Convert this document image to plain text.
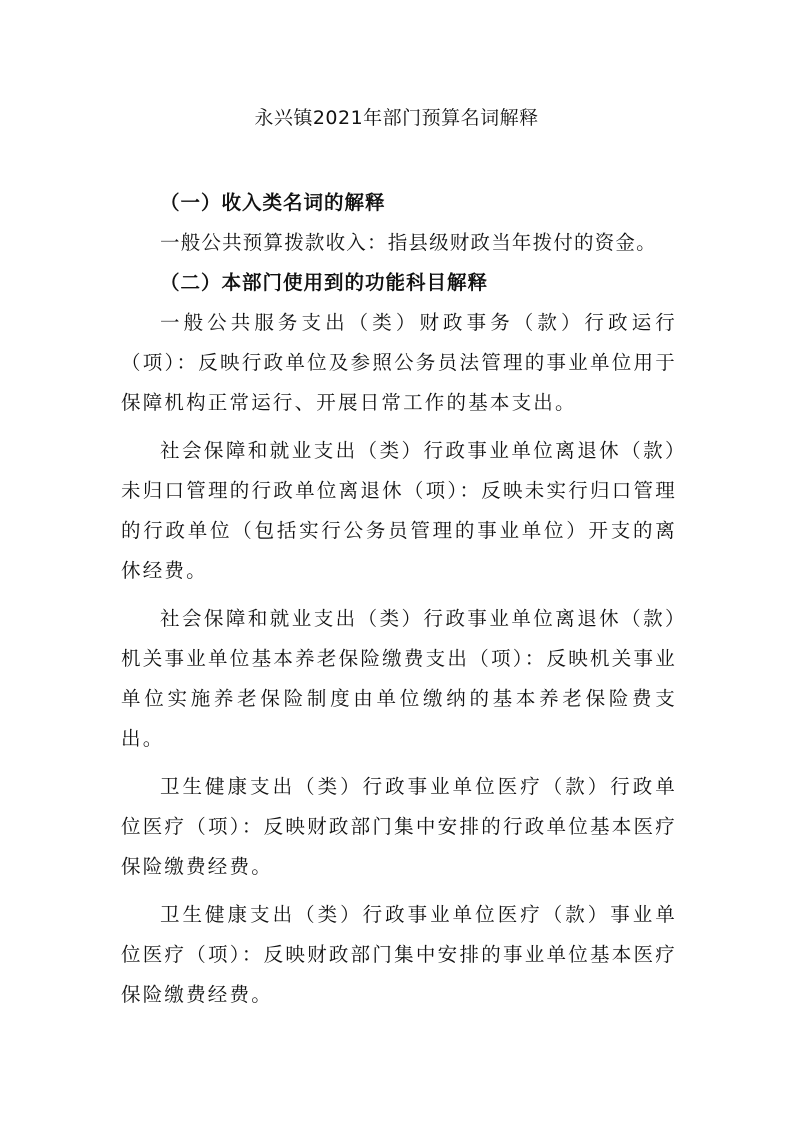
永兴镇2021年部门预算名词解释

（一）收入类名词的解释

一般公共预算拨款收入：指县级财政当年拨付的资金。

（二）本部门使用到的功能科目解释

一般公共服务支出（类）财政事务（款）行政运行（项）：反映行政单位及参照公务员法管理的事业单位用于保障机构正常运行、开展日常工作的基本支出。

社会保障和就业支出（类）行政事业单位离退休（款）未归口管理的行政单位离退休（项）：反映未实行归口管理的行政单位（包括实行公务员管理的事业单位）开支的离休经费。

社会保障和就业支出（类）行政事业单位离退休（款）机关事业单位基本养老保险缴费支出（项）：反映机关事业单位实施养老保险制度由单位缴纳的基本养老保险费支出。

卫生健康支出（类）行政事业单位医疗（款）行政单位医疗（项）：反映财政部门集中安排的行政单位基本医疗保险缴费经费。

卫生健康支出（类）行政事业单位医疗（款）事业单位医疗（项）：反映财政部门集中安排的事业单位基本医疗保险缴费经费。
